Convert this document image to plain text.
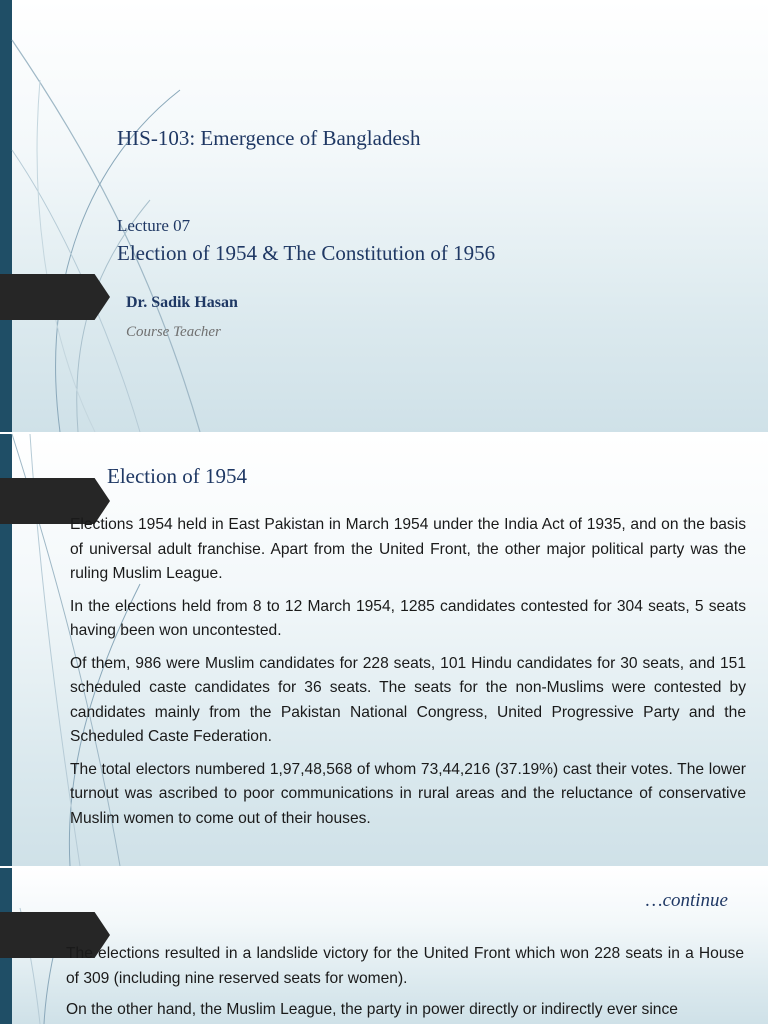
HIS-103: Emergence of Bangladesh
Lecture 07
Election of 1954 & The Constitution of 1956
Dr. Sadik Hasan
Course Teacher
Election of 1954
Elections 1954 held in East Pakistan in March 1954 under the India Act of 1935, and on the basis of universal adult franchise. Apart from the United Front, the other major political party was the ruling Muslim League.
In the elections held from 8 to 12 March 1954, 1285 candidates contested for 304 seats, 5 seats having been won uncontested.
Of them, 986 were Muslim candidates for 228 seats, 101 Hindu candidates for 30 seats, and 151 scheduled caste candidates for 36 seats. The seats for the non-Muslims were contested by candidates mainly from the Pakistan National Congress, United Progressive Party and the Scheduled Caste Federation.
The total electors numbered 1,97,48,568 of whom 73,44,216 (37.19%) cast their votes. The lower turnout was ascribed to poor communications in rural areas and the reluctance of conservative Muslim women to come out of their houses.
…continue
The elections resulted in a landslide victory for the United Front which won 228 seats in a House of 309 (including nine reserved seats for women).
On the other hand, the Muslim League, the party in power directly or indirectly ever since
